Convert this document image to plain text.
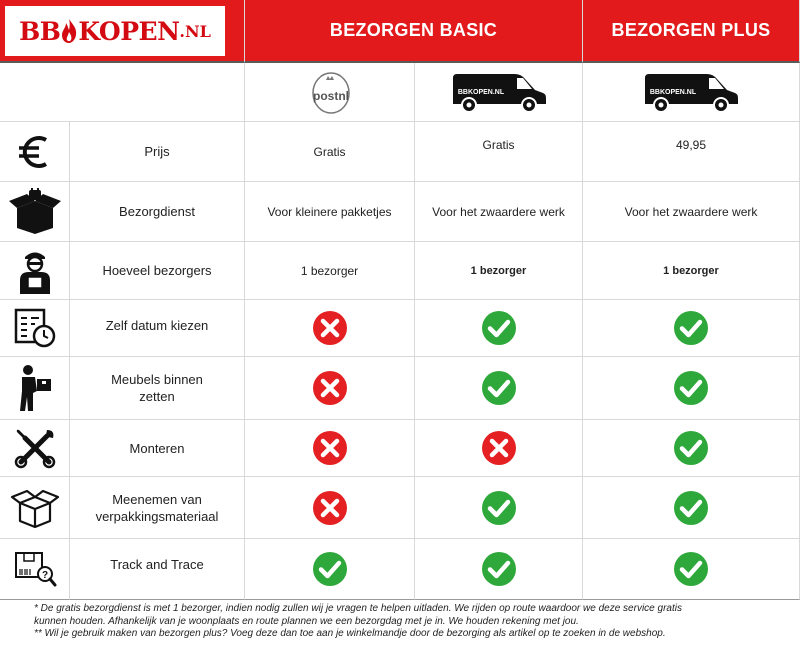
BB KOPEN .NL	BEZORGEN BASIC	BEZORGEN PLUS
postnl	BBKOPEN.NL	BBKOPEN.NL
Prijs	Gratis	Gratis	49,95
Bezorgdienst	Voor kleinere pakketjes	Voor het zwaardere werk	Voor het zwaardere werk
Hoeveel bezorgers	1 bezorger	1 bezorger	1 bezorger
Zelf datum kiezen
Meubels binnen
zetten
Monteren
Meenemen van
verpakkingsmateriaal
?
Track and Trace
* De gratis bezorgdienst is met 1 bezorger, indien nodig zullen wij je vragen te helpen uitladen. We rijden op route waardoor we deze service gratis
kunnen houden. Afhankelijk van je woonplaats en route plannen we een bezorgdag met je in. We houden rekening met jou.
** Wil je gebruik maken van bezorgen plus? Voeg deze dan toe aan je winkelmandje door de bezorging als artikel op te zoeken in de webshop.
